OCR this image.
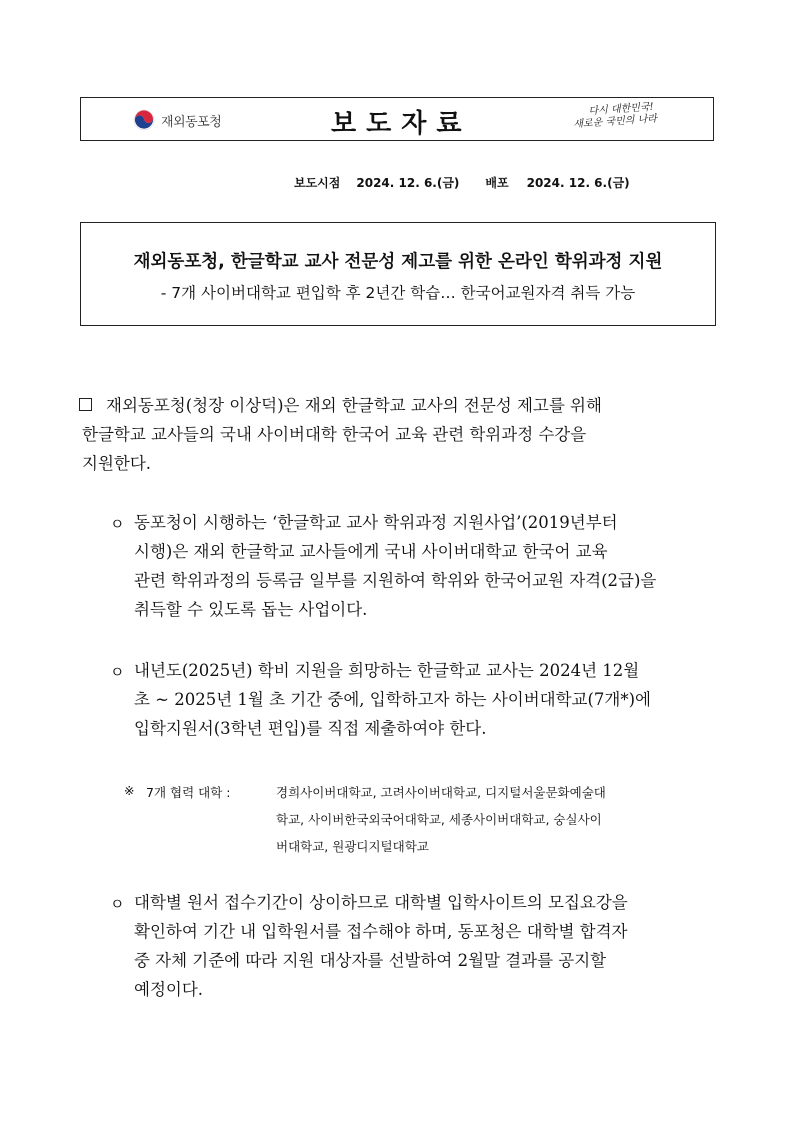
재외동포청	보도자료	다시 대한민국!
새로운 국민의 나라
보도시점 2024. 12. 6.(금) 배포 2024. 12. 6.(금)
재외동포청, 한글학교 교사 전문성 제고를 위한 온라인 학위과정 지원
- 7개 사이버대학교 편입학 후 2년간 학습… 한국어교원자격 취득 가능
재외동포청(청장 이상덕)은 재외 한글학교 교사의 전문성 제고를 위해
한글학교 교사들의 국내 사이버대학 한국어 교육 관련 학위과정 수강을
지원한다.
ㅇ 동포청이 시행하는 ‘한글학교 교사 학위과정 지원사업’(2019년부터
시행)은 재외 한글학교 교사들에게 국내 사이버대학교 한국어 교육
관련 학위과정의 등록금 일부를 지원하여 학위와 한국어교원 자격(2급)을
취득할 수 있도록 돕는 사업이다.
ㅇ 내년도(2025년) 학비 지원을 희망하는 한글학교 교사는 2024년 12월
초 ~ 2025년 1월 초 기간 중에, 입학하고자 하는 사이버대학교(7개*)에
입학지원서(3학년 편입)를 직접 제출하여야 한다.
※ 7개 협력 대학 :	경희사이버대학교, 고려사이버대학교, 디지털서울문화예술대
학교, 사이버한국외국어대학교, 세종사이버대학교, 숭실사이
버대학교, 원광디지털대학교
ㅇ 대학별 원서 접수기간이 상이하므로 대학별 입학사이트의 모집요강을
확인하여 기간 내 입학원서를 접수해야 하며, 동포청은 대학별 합격자
중 자체 기준에 따라 지원 대상자를 선발하여 2월말 결과를 공지할
예정이다.
